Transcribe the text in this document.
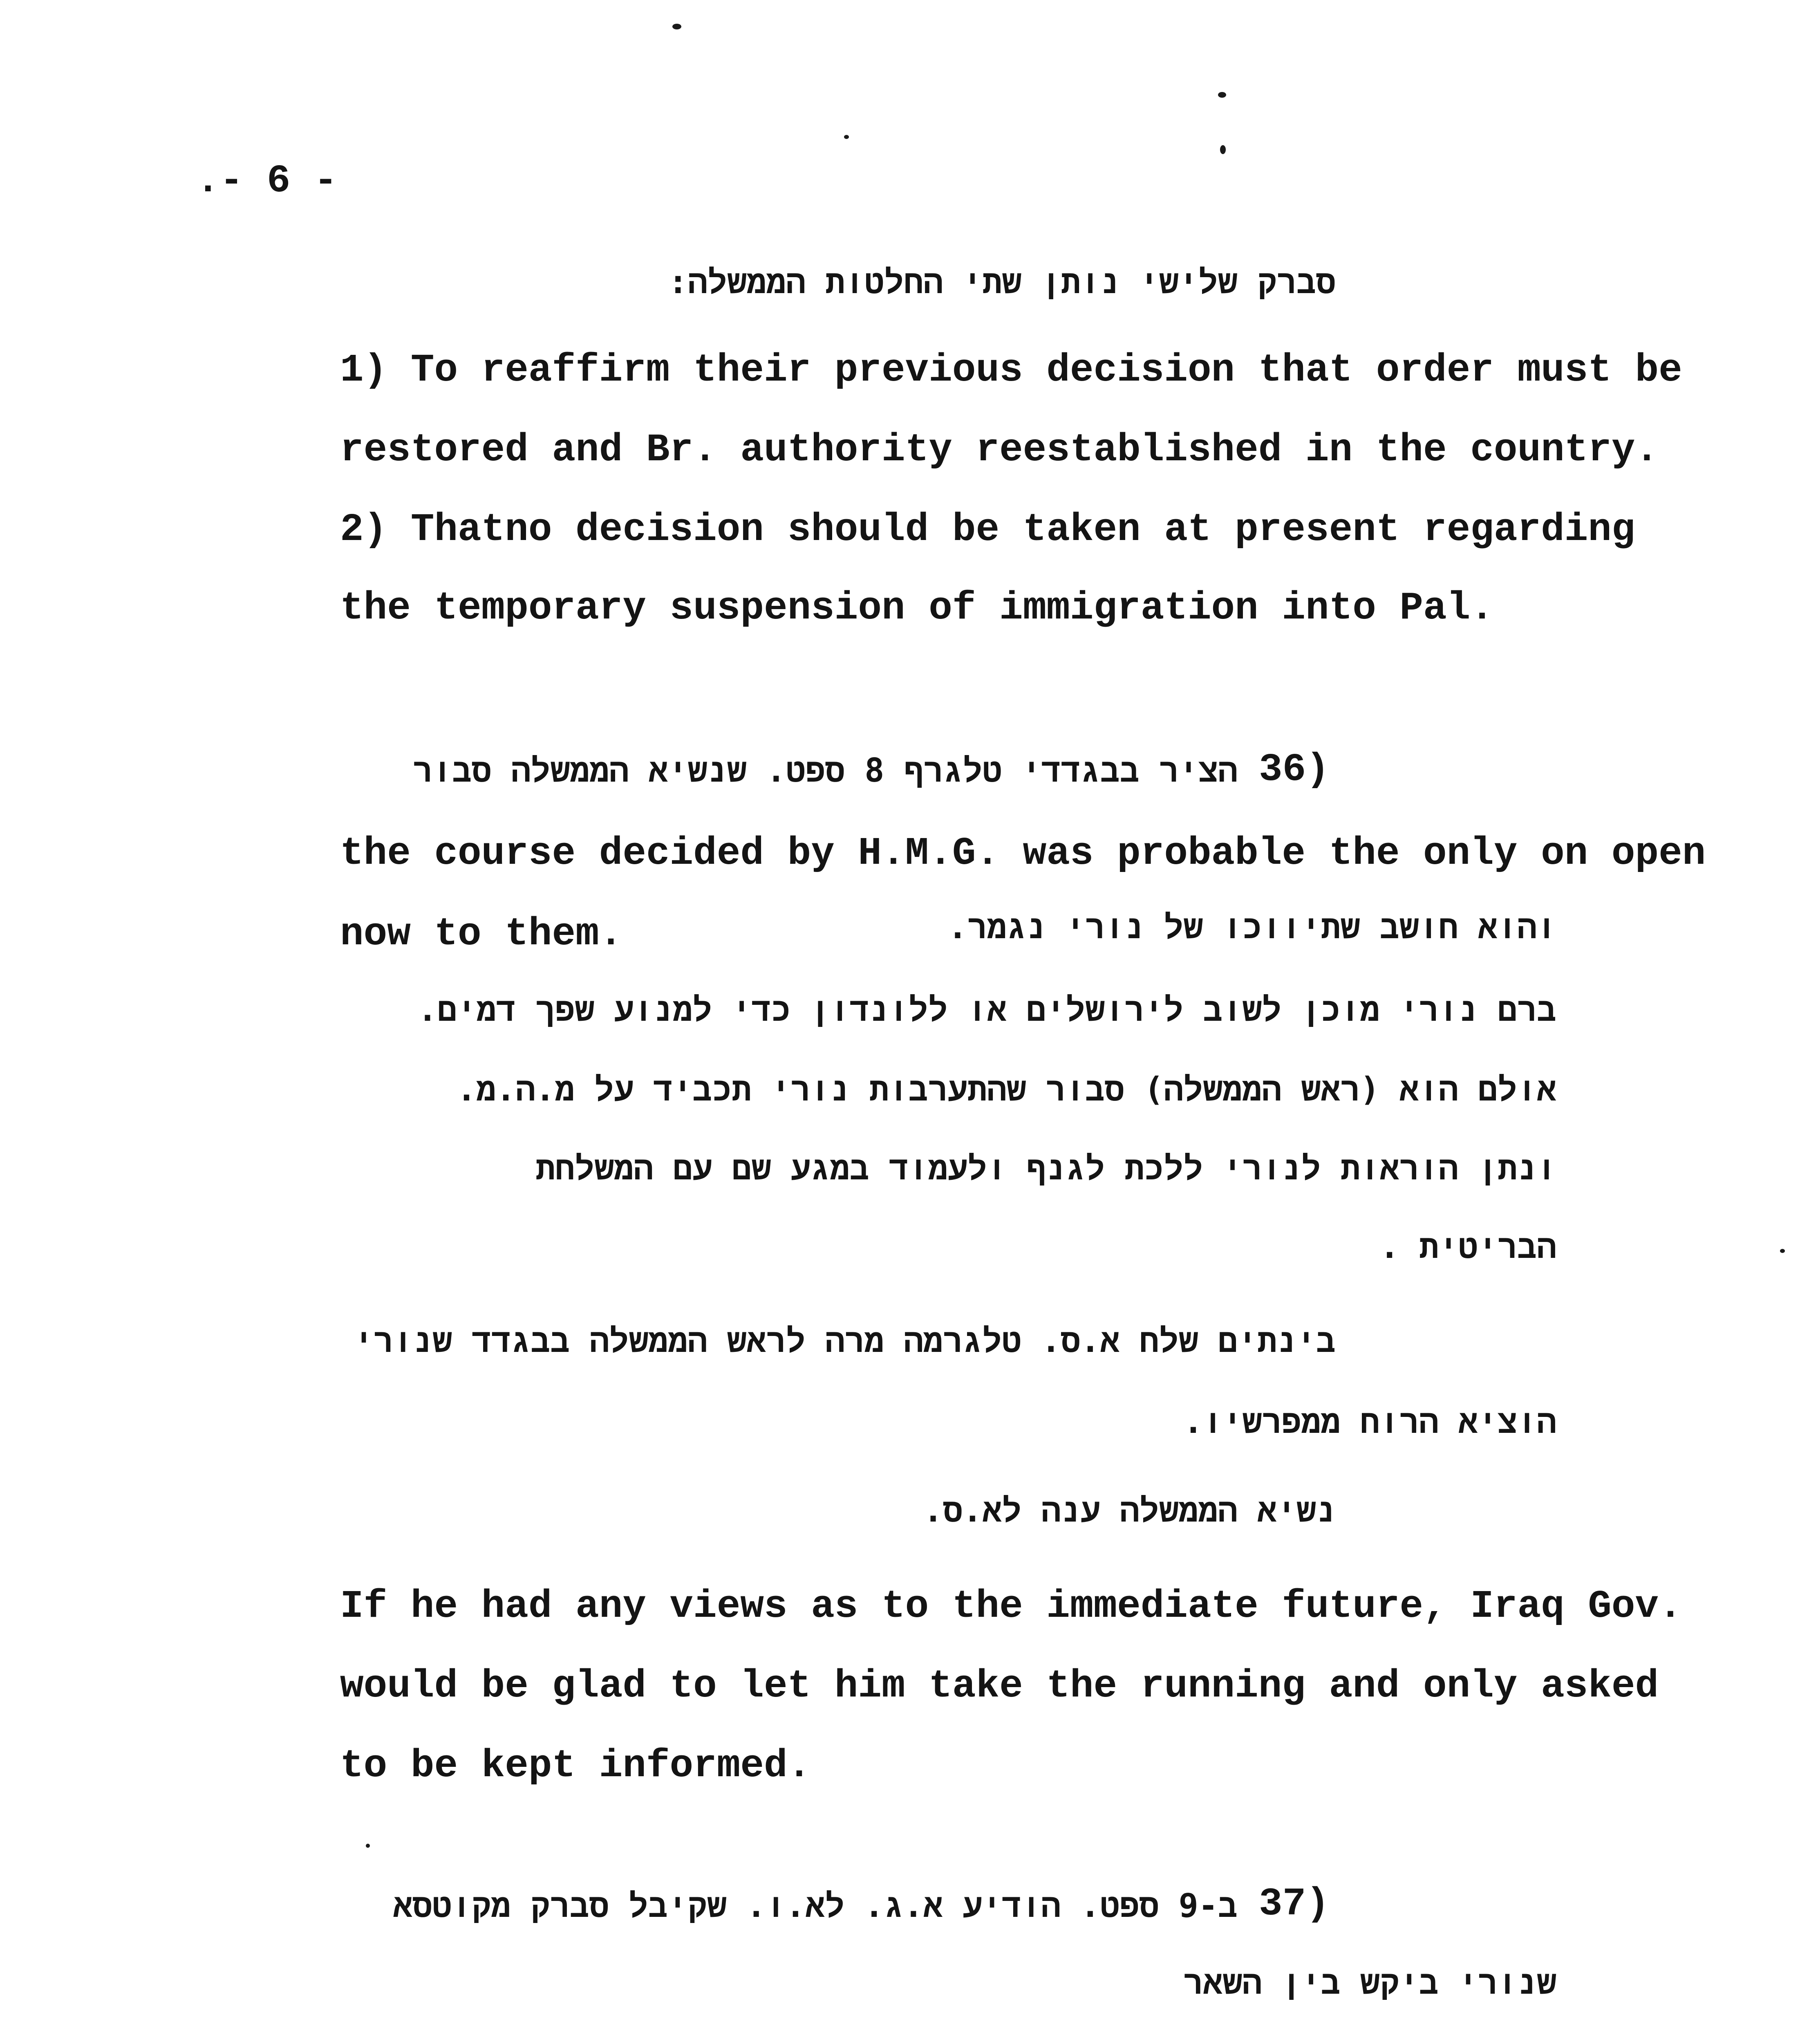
.- 6 -
סברק שלישי נותן שתי החלטות הממשלה:
1) To reaffirm their previous decision that order must be
restored and Br. authority reestablished in the country.
2) Thatno decision should be taken at present regarding
the temporary suspension of immigration into Pal.
36)
הציר בבגדדי טלגרף 8 ספט. שנשיא הממשלה סבור
the course decided by H.M.G. was probable the only on open
now to them.	והוא חושב שתיווכו של נורי נגמר.
ברם נורי מוכן לשוב לירושלים או ללונדון כדי למנוע שפך דמים.
אולם הוא (ראש הממשלה) סבור שהתערבות נורי תכביד על מ.ה.מ.
ונתן הוראות לנורי ללכת לגנף ולעמוד במגע שם עם המשלחת
הבריטית .
בינתים שלח א.ס. טלגרמה מרה לראש הממשלה בבגדד שנורי
הוציא הרוח ממפרשיו.
נשיא הממשלה ענה לא.ס.
If he had any views as to the immediate future, Iraq Gov.
would be glad to let him take the running and only asked
to be kept informed.
37)
ב-9 ספט. הודיע א.ג. לא.ו. שקיבל סברק מקוטסא
שנורי ביקש בין השאר
